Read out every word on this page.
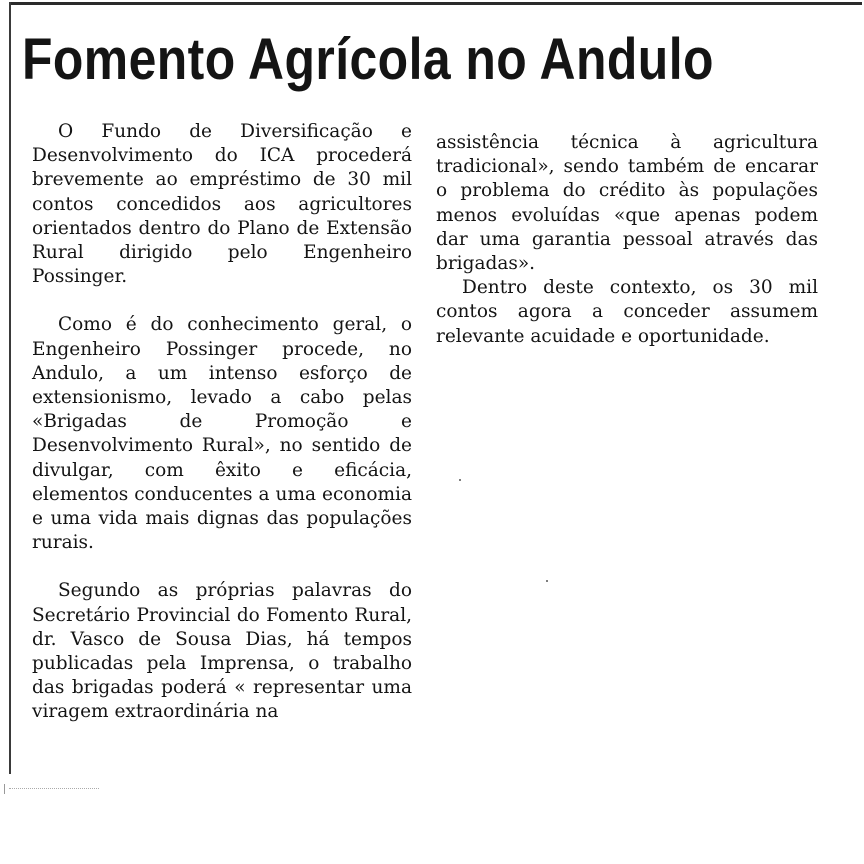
Fomento Agrícola no Andulo

O Fundo de Diversificação e Desenvolvimento do ICA procederá brevemente ao empréstimo de 30 mil contos concedidos aos agricultores orientados dentro do Plano de Extensão Rural dirigido pelo Engenheiro Possinger.

Como é do conhecimento geral, o Engenheiro Possinger procede, no Andulo, a um intenso esforço de extensionismo, levado a cabo pelas «Brigadas de Promoção e Desenvolvimento Rural», no sentido de divulgar, com êxito e eficácia, elementos conducentes a uma economia e uma vida mais dignas das populações rurais.

Segundo as próprias palavras do Secretário Provincial do Fomento Rural, dr. Vasco de Sousa Dias, há tempos publicadas pela Imprensa, o trabalho das brigadas poderá « representar uma viragem extraordinária na

assistência técnica à agricultura tradicional», sendo também de encarar o problema do crédito às populações menos evoluídas «que apenas podem dar uma garantia pessoal através das brigadas».

Dentro deste contexto, os 30 mil contos agora a conceder assumem relevante acuidade e oportunidade.
